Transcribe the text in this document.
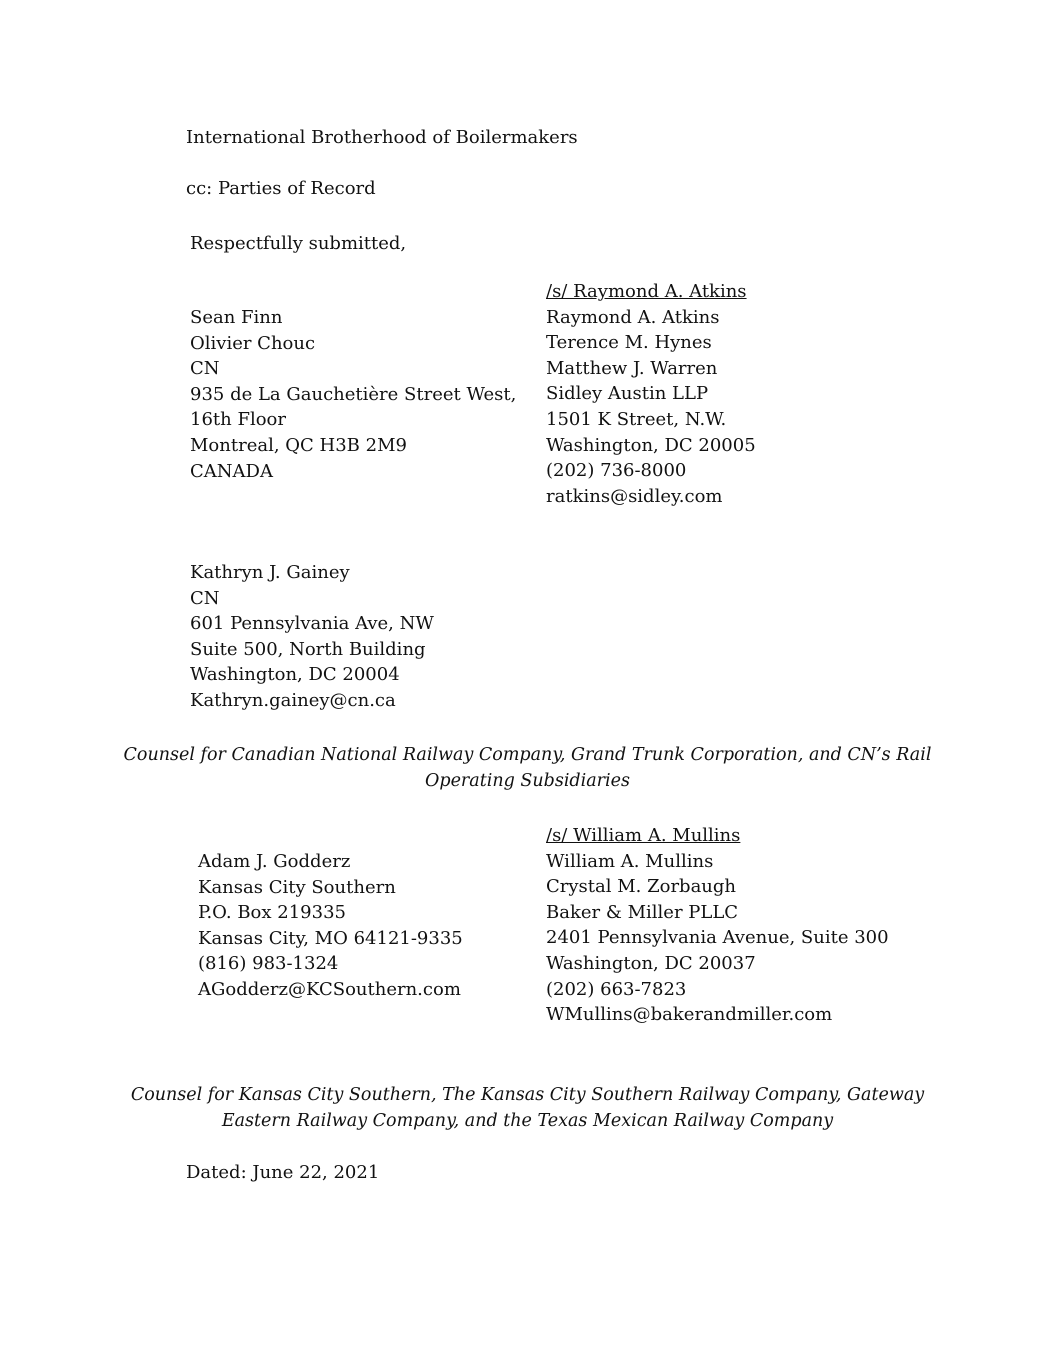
International Brotherhood of Boilermakers
cc: Parties of Record
Respectfully submitted,
Sean Finn
Olivier Chouc
CN
935 de La Gauchetière Street West,
16th Floor
Montreal, QC H3B 2M9
CANADA
/s/ Raymond A. Atkins
Raymond A. Atkins
Terence M. Hynes
Matthew J. Warren
Sidley Austin LLP
1501 K Street, N.W.
Washington, DC 20005
(202) 736-8000
ratkins@sidley.com
Kathryn J. Gainey
CN
601 Pennsylvania Ave, NW
Suite 500, North Building
Washington, DC 20004
Kathryn.gainey@cn.ca
Counsel for Canadian National Railway Company, Grand Trunk Corporation, and CN’s Rail
Operating Subsidiaries
Adam J. Godderz
Kansas City Southern
P.O. Box 219335
Kansas City, MO 64121-9335
(816) 983-1324
AGodderz@KCSouthern.com
/s/ William A. Mullins
William A. Mullins
Crystal M. Zorbaugh
Baker & Miller PLLC
2401 Pennsylvania Avenue, Suite 300
Washington, DC 20037
(202) 663-7823
WMullins@bakerandmiller.com
Counsel for Kansas City Southern, The Kansas City Southern Railway Company, Gateway
Eastern Railway Company, and the Texas Mexican Railway Company
Dated: June 22, 2021
